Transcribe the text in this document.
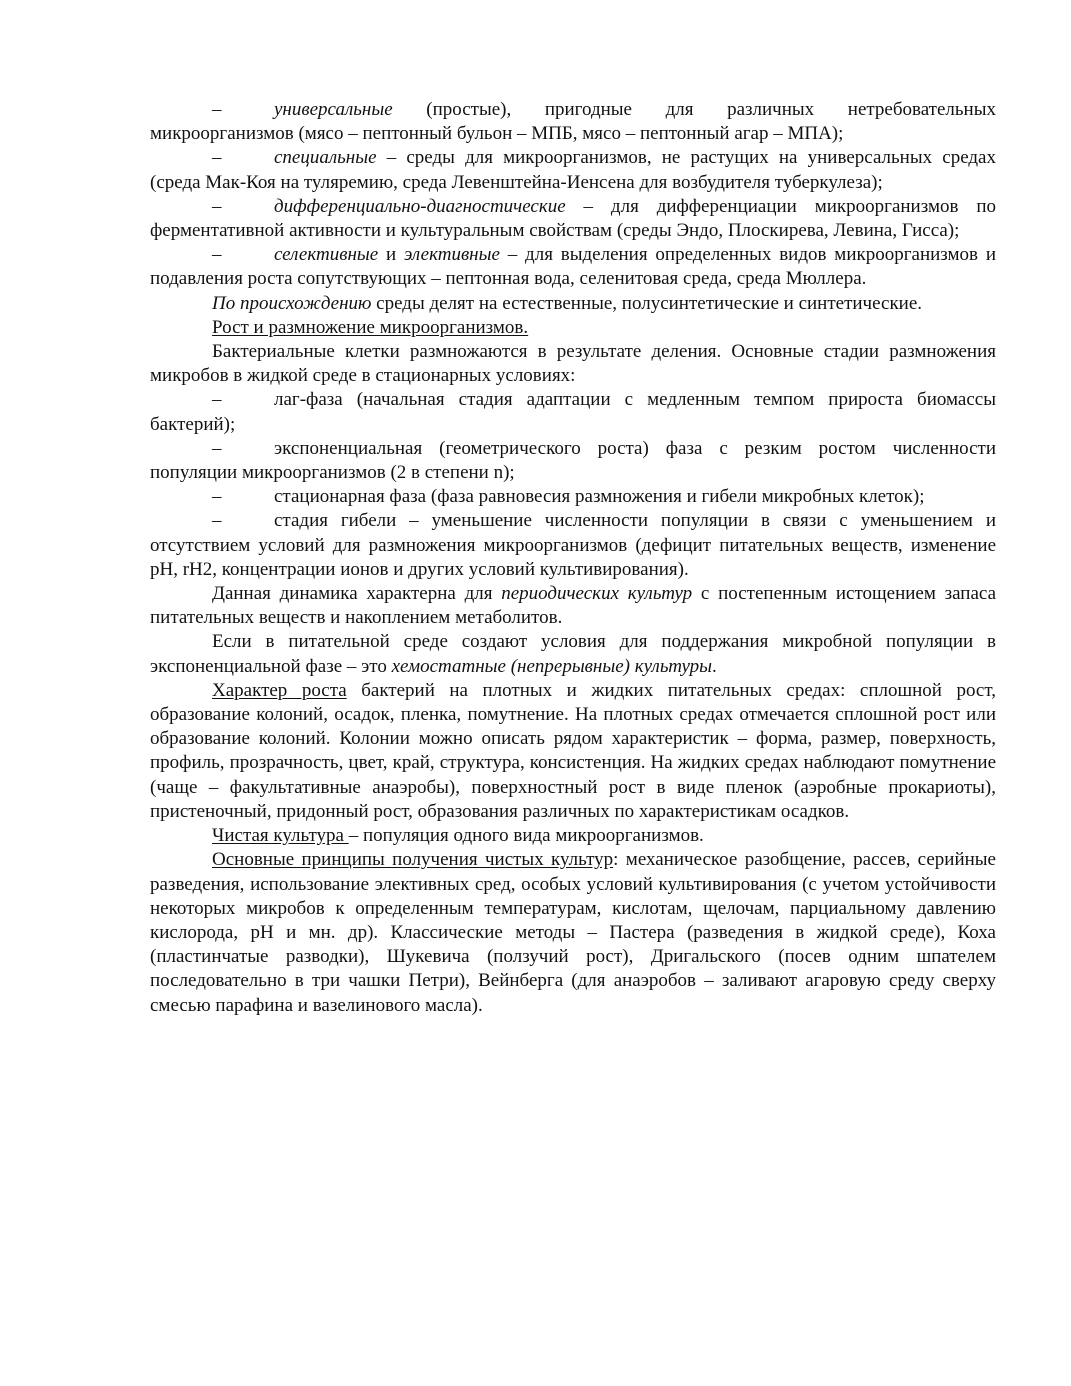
–	универсальные (простые), пригодные для различных нетребовательных микроорганизмов (мясо – пептонный бульон – МПБ, мясо – пептонный агар – МПА);

–	специальные – среды для микроорганизмов, не растущих на универсальных средах (среда Мак-Коя на туляремию, среда Левенштейна-Иенсена для возбудителя туберкулеза);

–	дифференциально-диагностические – для дифференциации микроорганизмов по ферментативной активности и культуральным свойствам (среды Эндо, Плоскирева, Левина, Гисса);

–	селективные и элективные – для выделения определенных видов микроорганизмов и подавления роста сопутствующих – пептонная вода, селенитовая среда, среда Мюллера.

По происхождению среды делят на естественные, полусинтетические и синтетические.

Рост и размножение микроорганизмов.

Бактериальные клетки размножаются в результате деления. Основные стадии размножения микробов в жидкой среде в стационарных условиях:

–	лаг-фаза (начальная стадия адаптации с медленным темпом прироста биомассы бактерий);

–	экспоненциальная (геометрического роста) фаза с резким ростом численности популяции микроорганизмов (2 в степени n);

–	стационарная фаза (фаза равновесия размножения и гибели микробных клеток);

–	стадия гибели – уменьшение численности популяции в связи с уменьшением и отсутствием условий для размножения микроорганизмов (дефицит питательных веществ, изменение pH, rH2, концентрации ионов и других условий культивирования).

Данная динамика характерна для периодических культур с постепенным истощением запаса питательных веществ и накоплением метаболитов.

Если в питательной среде создают условия для поддержания микробной популяции в экспоненциальной фазе – это хемостатные (непрерывные) культуры.

Характер роста бактерий на плотных и жидких питательных средах: сплошной рост, образование колоний, осадок, пленка, помутнение. На плотных средах отмечается сплошной рост или образование колоний. Колонии можно описать рядом характеристик – форма, размер, поверхность, профиль, прозрачность, цвет, край, структура, консистенция. На жидких средах наблюдают помутнение (чаще – факультативные анаэробы), поверхностный рост в виде пленок (аэробные прокариоты), пристеночный, придонный рост, образования различных по характеристикам осадков.

Чистая культура – популяция одного вида микроорганизмов.

Основные принципы получения чистых культур: механическое разобщение, рассев, серийные разведения, использование элективных сред, особых условий культивирования (с учетом устойчивости некоторых микробов к определенным температурам, кислотам, щелочам, парциальному давлению кислорода, pH и мн. др). Классические методы – Пастера (разведения в жидкой среде), Коха (пластинчатые разводки), Шукевича (ползучий рост), Дригальского (посев одним шпателем последовательно в три чашки Петри), Вейнберга (для анаэробов – заливают агаровую среду сверху смесью парафина и вазелинового масла).
